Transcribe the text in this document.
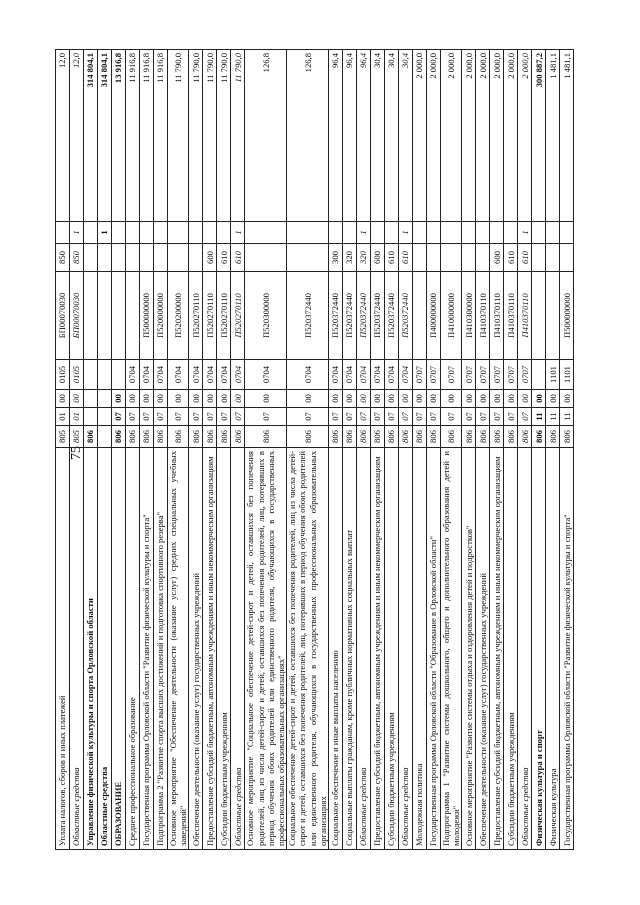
75
Уплата налогов, сборов и иных платежей	805	01	00	0105	БП00070030	850		12,0
Областные средства	805	01	00	0105	БП00070030	850	1	12,0
Управление физической культуры и спорта Орловской области	806							314 804,1
Областные средства							1	314 804,1
ОБРАЗОВАНИЕ	806	07	00					13 916,8
Среднее профессиональное образование	806	07	00	0704				11 916,8
Государственная программа Орловской области "Развитие физической культуры и спорта"	806	07	00	0704	П500000000			11 916,8
Подпрограмма 2 "Развитие спорта высших достижений и подготовка спортивного резерва"	806	07	00	0704	П520000000			11 916,8
Основное мероприятие "Обеспечение деятельности (оказание услуг) средних специальных учебных заведений"	806	07	00	0704	П520200000			11 790,0
Обеспечение деятельности (оказание услуг) государственных учреждений	806	07	00	0704	П520270110			11 790,0
Предоставление субсидий бюджетным, автономным учреждениям и иным некоммерческим организациям	806	07	00	0704	П520270110	600		11 790,0
Субсидии бюджетным учреждениям	806	07	00	0704	П520270110	610		11 790,0
Областные средства	806	07	00	0704	П520270110	610	1	11 790,0
Основное мероприятие "Социальное обеспечение детей-сирот и детей, оставшихся без попечения родителей, лиц из числа детей-сирот и детей, оставшихся без попечения родителей, лиц, потерявших в период обучения обоих родителей или единственного родителя, обучающихся в государственных профессиональных образовательных организациях"	806	07	00	0704	П520300000			126,8
Социальное обеспечение детей-сирот и детей, оставшихся без попечения родителей, лиц из числа детей-сирот и детей, оставшихся без попечения родителей, лиц, потерявших в период обучения обоих родителей или единственного родителя, обучающихся в государственных профессиональных образовательных организациях	806	07	00	0704	П520372440			126,8
Социальное обеспечение и иные выплаты населению	806	07	00	0704	П520372440	300		96,4
Социальные выплаты гражданам, кроме публичных нормативных социальных выплат	806	07	00	0704	П520372440	320		96,4
Областные средства	806	07	00	0704	П520372440	320	1	96,4
Предоставление субсидий бюджетным, автономным учреждениям и иным некоммерческим организациям	806	07	00	0704	П520372440	600		30,4
Субсидии бюджетным учреждениям	806	07	00	0704	П520372440	610		30,4
Областные средства	806	07	00	0704	П520372440	610	1	30,4
Молодежная политика	806	07	00	0707				2 000,0
Государственная программа Орловской области "Образование в Орловской области"	806	07	00	0707	П400000000			2 000,0
Подпрограмма 1 "Развитие системы дошкольного, общего и дополнительного образования детей и молодежи"	806	07	00	0707	П410000000			2 000,0
Основное мероприятие "Развитие системы отдыха и оздоровления детей и подростков"	806	07	00	0707	П410300000			2 000,0
Обеспечение деятельности (оказание услуг) государственных учреждений	806	07	00	0707	П410370110			2 000,0
Предоставление субсидий бюджетным, автономным учреждениям и иным некоммерческим организациям	806	07	00	0707	П410370110	600		2 000,0
Субсидии бюджетным учреждениям	806	07	00	0707	П410370110	610		2 000,0
Областные средства	806	07	00	0707	П410370110	610	1	2 000,0
Физическая культура и спорт	806	11	00					300 887,2
Физическая культура	806	11	00	1101				1 481,1
Государственная программа Орловской области "Развитие физической культуры и спорта"	806	11	00	1101	П500000000			1 481,1
